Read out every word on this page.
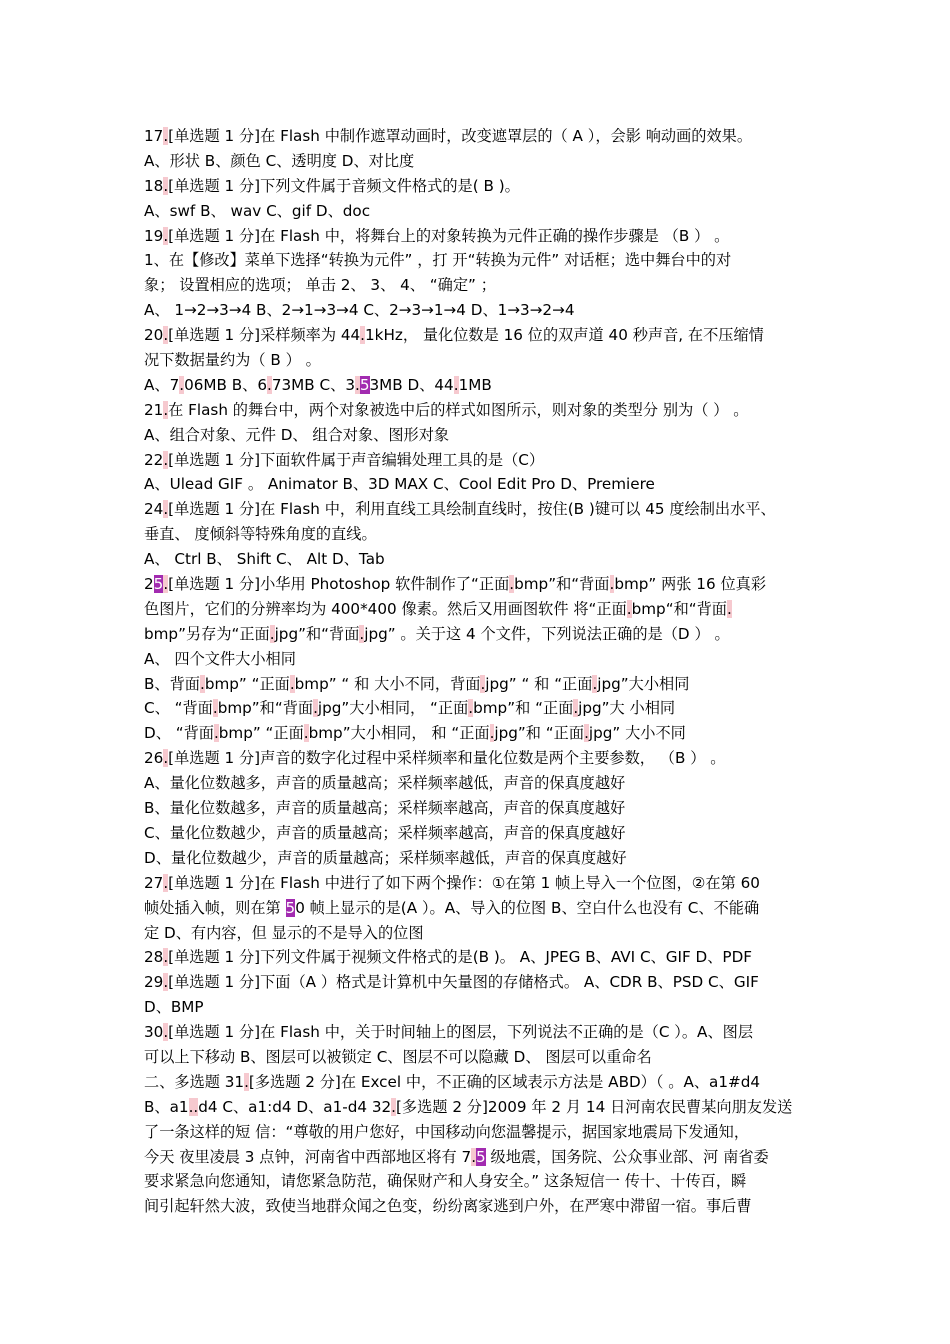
17.[单选题 1 分]在 Flash 中制作遮罩动画时，改变遮罩层的（ A ），会影 响动画的效果。
A、形状 B、颜色 C、透明度 D、对比度
18.[单选题 1 分]下列文件属于音频文件格式的是( B )。
A、swf B、 wav C、gif D、doc
19.[单选题 1 分]在 Flash 中，将舞台上的对象转换为元件正确的操作步骤是 （B ） 。
1、在【修改】菜单下选择“转换为元件” ，打 开“转换为元件” 对话框；选中舞台中的对
象； 设置相应的选项； 单击 2、 3、 4、 “确定” ；
A、 1→2→3→4 B、2→1→3→4 C、2→3→1→4 D、1→3→2→4
20.[单选题 1 分]采样频率为 44.1kHz， 量化位数是 16 位的双声道 40 秒声音, 在不压缩情
况下数据量约为（ B ） 。
A、7.06MB B、6.73MB C、3.53MB D、44.1MB
21.在 Flash 的舞台中，两个对象被选中后的样式如图所示，则对象的类型分 别为（ ） 。
A、组合对象、元件 D、 组合对象、图形对象
22.[单选题 1 分]下面软件属于声音编辑处理工具的是（C）
A、Ulead GIF 。 Animator B、3D MAX C、Cool Edit Pro D、Premiere
24.[单选题 1 分]在 Flash 中，利用直线工具绘制直线时，按住(B )键可以 45 度绘制出水平、
垂直、 度倾斜等特殊角度的直线。
A、 Ctrl B、 Shift C、 Alt D、Tab
25.[单选题 1 分]小华用 Photoshop 软件制作了“正面.bmp”和“背面.bmp” 两张 16 位真彩
色图片，它们的分辨率均为 400*400 像素。然后又用画图软件 将“正面.bmp“和“背面.
bmp”另存为“正面.jpg”和“背面.jpg” 。关于这 4 个文件，下列说法正确的是（D ） 。
A、 四个文件大小相同
B、背面.bmp” “正面.bmp” “ 和 大小不同，背面.jpg” “ 和 “正面.jpg”大小相同
C、 “背面.bmp”和“背面.jpg”大小相同， “正面.bmp”和 “正面.jpg”大 小相同
D、 “背面.bmp” “正面.bmp”大小相同， 和 “正面.jpg”和 “正面.jpg” 大小不同
26.[单选题 1 分]声音的数字化过程中采样频率和量化位数是两个主要参数， （B ） 。
A、量化位数越多，声音的质量越高；采样频率越低，声音的保真度越好
B、量化位数越多，声音的质量越高；采样频率越高，声音的保真度越好
C、量化位数越少，声音的质量越高；采样频率越高，声音的保真度越好
D、量化位数越少，声音的质量越高；采样频率越低，声音的保真度越好
27.[单选题 1 分]在 Flash 中进行了如下两个操作：①在第 1 帧上导入一个位图，②在第 60
帧处插入帧，则在第 50 帧上显示的是(A ）。A、导入的位图 B、空白什么也没有 C、不能确
定 D、有内容，但 显示的不是导入的位图
28.[单选题 1 分]下列文件属于视频文件格式的是(B )。 A、JPEG B、AVI C、GIF D、PDF
29.[单选题 1 分]下面（A ）格式是计算机中矢量图的存储格式。 A、CDR B、PSD C、GIF
D、BMP
30.[单选题 1 分]在 Flash 中，关于时间轴上的图层，下列说法不正确的是（C ）。A、图层
可以上下移动 B、图层可以被锁定 C、图层不可以隐藏 D、 图层可以重命名
二、多选题 31.[多选题 2 分]在 Excel 中，不正确的区域表示方法是 ABD）（ 。A、a1#d4
B、a1..d4 C、a1:d4 D、a1-d4 32.[多选题 2 分]2009 年 2 月 14 日河南农民曹某向朋友发送
了一条这样的短 信：“尊敬的用户您好，中国移动向您温馨提示，据国家地震局下发通知，
今天 夜里凌晨 3 点钟，河南省中西部地区将有 7.5 级地震，国务院、公众事业部、河 南省委
要求紧急向您通知，请您紧急防范，确保财产和人身安全。” 这条短信一 传十、十传百，瞬
间引起轩然大波，致使当地群众闻之色变，纷纷离家逃到户外，在严寒中滞留一宿。事后曹
